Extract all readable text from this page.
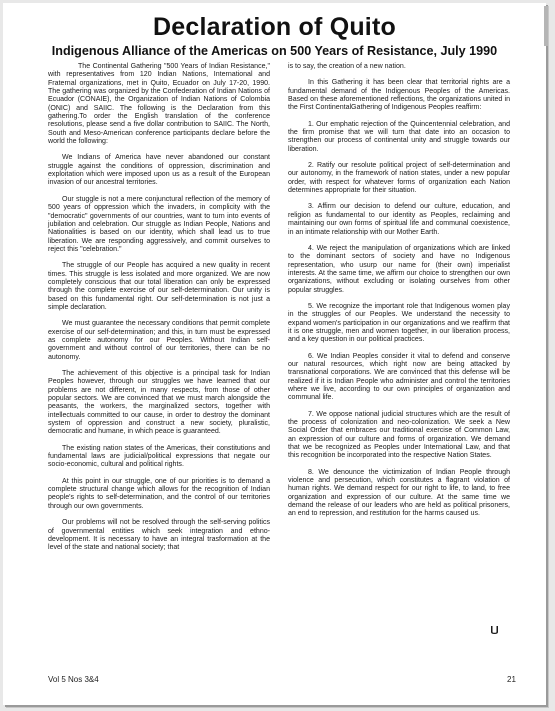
Declaration of Quito
Indigenous Alliance of the Americas on 500 Years of Resistance, July 1990

The Continental Gathering "500 Years of Indian Resistance," with representatives from 120 Indian Nations, International and Fraternal organizations, met in Quito, Ecuador on July 17-20, 1990. The gathering was organized by the Confederation of Indian Nations of Ecuador (CONAIE), the Organization of Indian Nations of Colombia (ONIC) and SAIIC. The following is the Declaration from this gathering.To order the English translation of the conference resolutions, please send a five dollar contribution to SAIIC. The North, South and Meso-American conference participants declare before the world the following:

We Indians of America have never abandoned our constant struggle against the conditions of oppression, discrimination and exploitation which were imposed upon us as a result of the European invasion of our ancestral territories.

Our stuggle is not a mere conjunctural reflection of the memory of 500 years of oppression which the invaders, in complicity with the "democratic" governments of our countries, want to turn into events of jubilation and celebration. Our struggle as Indian People, Nations and Nationalities is based on our identity, which shall lead us to true liberation. We are responding aggressively, and commit ourselves to reject this "celebration."

The struggle of our People has acquired a new quality in recent times. This struggle is less isolated and more organized. We are now completely conscious that our total liberation can only be expressed through the complete exercise of our self-determination. Our unity is based on this fundamental right. Our self-determination is not just a simple declaration.

We must guarantee the necessary conditions that permit complete exercise of our self-determination; and this, in turn must be expressed as complete autonomy for our Peoples. Without Indian self-government and without control of our territories, there can be no autonomy.

The achievement of this objective is a principal task for Indian Peoples however, through our struggles we have learned that our problems are not different, in many respects, from those of other popular sectors. We are convinced that we must march alongside the peasants, the workers, the marginalized sectors, together with intellectuals committed to our cause, in order to destroy the dominant system of oppression and construct a new society, pluralistic, democratic and humane, in which peace is guaranteed.

The existing nation states of the Americas, their constitutions and fundamental laws are judicial/political expressions that negate our socio-economic, cultural and political rights.

At this point in our struggle, one of our priorities is to demand a complete structural change which allows for the recognition of Indian people's rights to self-determination, and the control of our territories through our own governments.

Our problems will not be resolved through the self-serving politics of governmental entities which seek integration and ethno-development. It is necessary to have an integral trasformation at the level of the state and national society; that

is to say, the creation of a new nation.

In this Gathering it has been clear that territorial rights are a fundamental demand of the Indigenous Peoples of the Americas. Based on these aforementioned reflections, the organizations united in the First ContinentalGathering of Indigenous Peoples reaffirm:

1. Our emphatic rejection of the Quincentennial celebration, and the firm promise that we will turn that date into an occasion to strengthen our process of continental unity and struggle towards our liberation.

2. Ratify our resolute political project of self-determination and our autonomy, in the framework of nation states, under a new popular order, with respect for whatever forms of organization each Nation determines appropriate for their situation.

3. Affirm our decision to defend our culture, education, and religion as fundamental to our identity as Peoples, reclaiming and maintaining our own forms of spiritual life and communal coexistence, in an intimate relationship with our Mother Earth.

4. We reject the manipulation of organizations which are linked to the dominant sectors of society and have no Indigenous representation, who usurp our name for (their own) imperialist interests. At the same time, we affirm our choice to strengthen our own organizations, without excluding or isolating ourselves from other popular struggles.

5. We recognize the important role that Indigenous women play in the struggles of our Peoples. We understand the necessity to expand women's participation in our organizations and we reaffirm that it is one struggle, men and women together, in our liberation process, and a key question in our political practices.

6. We Indian Peoples consider it vital to defend and conserve our natural resources, which right now are being attacked by transnational corporations. We are convinced that this defense will be realized if it is Indian People who administer and control the territories where we live, according to our own principles of organization and communal life.

7. We oppose national judicial structures which are the result of the process of colonization and neo-colonization. We seek a New Social Order that embraces our traditional exercise of Common Law, an expression of our culture and forms of organization. We demand that we be recognized as Peoples under International Law, and that this recognition be incorporated into the respective Nation States.

8. We denounce the victimization of Indian People through violence and persecution, which constitutes a flagrant violation of human rights. We demand respect for our right to life, to land, to free organization and expression of our culture. At the same time we demand the release of our leaders who are held as political prisoners, an end to repression, and restitution for the harms caused us.

Vol 5 Nos 3&4	21
